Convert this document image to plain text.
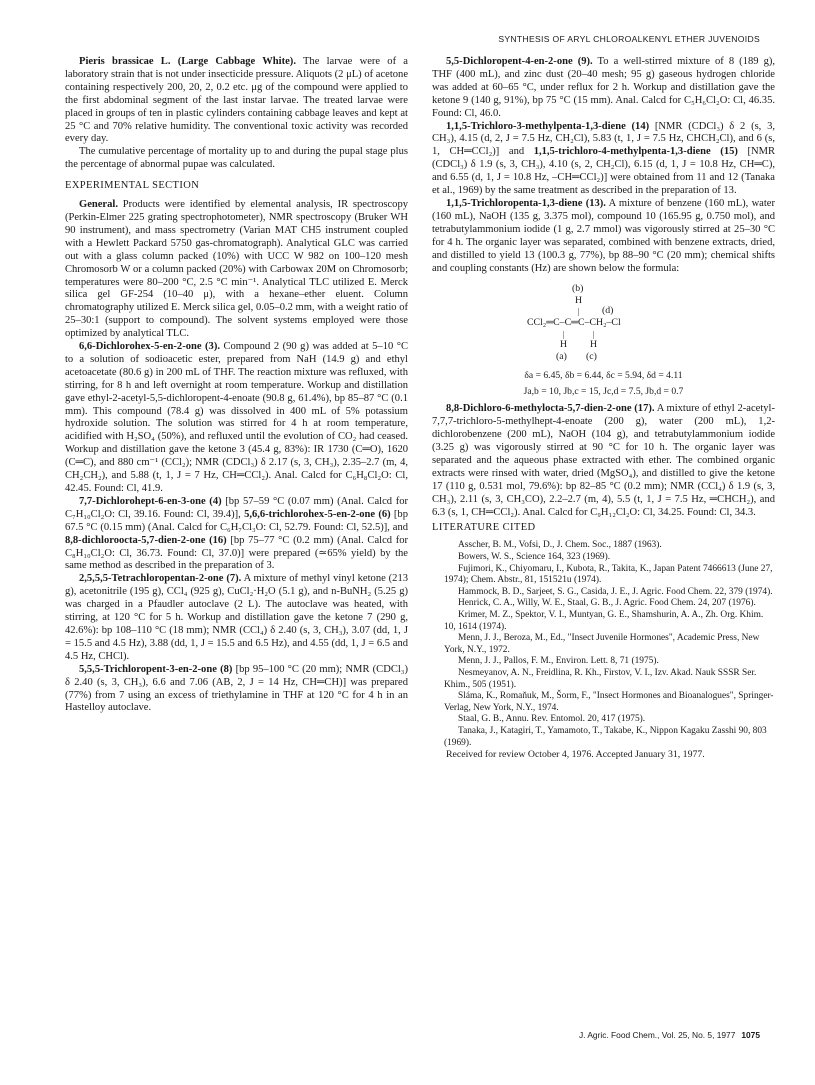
SYNTHESIS OF ARYL CHLOROALKENYL ETHER JUVENOIDS

Pieris brassicae L. (Large Cabbage White). The larvae were of a laboratory strain that is not under insecticide pressure. Aliquots (2 μL) of acetone containing respectively 200, 20, 2, 0.2 etc. μg of the compound were applied to the first abdominal segment of the last instar larvae. The treated larvae were placed in groups of ten in plastic cylinders containing cabbage leaves and kept at 25 °C and 70% relative humidity. The conventional toxic activity was recorded every day.

The cumulative percentage of mortality up to and during the pupal stage plus the percentage of abnormal pupae was calculated.

EXPERIMENTAL SECTION

General. Products were identified by elemental analysis, IR spectroscopy (Perkin-Elmer 225 grating spectrophotometer), NMR spectroscopy (Bruker WH 90 instrument), and mass spectrometry (Varian MAT CH5 instrument coupled with a Hewlett Packard 5750 gas-chromatograph). Analytical GLC was carried out with a glass column packed (10%) with UCC W 982 on 100–120 mesh Chromosorb W or a column packed (20%) with Carbowax 20M on Chromosorb; temperatures were 80–200 °C, 2.5 °C min⁻¹. Analytical TLC utilized E. Merck silica gel GF-254 (10–40 μ), with a hexane–ether eluent. Column chromatography utilized E. Merck silica gel, 0.05–0.2 mm, with a weight ratio of 25–30:1 (support to compound). The solvent systems employed were those optimized by analytical TLC.

6,6-Dichlorohex-5-en-2-one (3). Compound 2 (90 g) was added at 5–10 °C to a solution of sodioacetic ester, prepared from NaH (14.9 g) and ethyl acetoacetate (80.6 g) in 200 mL of THF. The reaction mixture was refluxed, with stirring, for 8 h and left overnight at room temperature. Workup and distillation gave ethyl-2-acetyl-5,5-dichloropent-4-enoate (90.8 g, 61.4%), bp 85–87 °C (0.1 mm). This compound (78.4 g) was dissolved in 400 mL of 5% potassium hydroxide solution. The solution was stirred for 4 h at room temperature, acidified with H₂SO₄ (50%), and refluxed until the evolution of CO₂ had ceased. Workup and distillation gave the ketone 3 (45.4 g, 83%): IR 1730 (C═O), 1620 (C═C), and 880 cm⁻¹ (CCl₂); NMR (CDCl₃) δ 2.17 (s, 3, CH₃), 2.35–2.7 (m, 4, CH₂CH₂), and 5.88 (t, 1, J = 7 Hz, CH═CCl₂). Anal. Calcd for C₆H₈Cl₂O: Cl, 42.45. Found: Cl, 41.9.

7,7-Dichlorohept-6-en-3-one (4) [bp 57–59 °C (0.07 mm) (Anal. Calcd for C₇H₁₀Cl₂O: Cl, 39.16. Found: Cl, 39.4)], 5,6,6-trichlorohex-5-en-2-one (6) [bp 67.5 °C (0.15 mm) (Anal. Calcd for C₆H₇Cl₃O: Cl, 52.79. Found: Cl, 52.5)], and 8,8-dichloroocta-5,7-dien-2-one (16) [bp 75–77 °C (0.2 mm) (Anal. Calcd for C₈H₁₀Cl₂O: Cl, 36.73. Found: Cl, 37.0)] were prepared (≃65% yield) by the same method as described in the preparation of 3.

2,5,5,5-Tetrachloropentan-2-one (7). A mixture of methyl vinyl ketone (213 g), acetonitrile (195 g), CCl₄ (925 g), CuCl₂·H₂O (5.1 g), and n-BuNH₂ (5.25 g) was charged in a Pfaudler autoclave (2 L). The autoclave was heated, with stirring, at 120 °C for 5 h. Workup and distillation gave the ketone 7 (290 g, 42.6%): bp 108–110 °C (18 mm); NMR (CCl₄) δ 2.40 (s, 3, CH₃), 3.07 (dd, 1, J = 15.5 and 4.5 Hz), 3.88 (dd, 1, J = 15.5 and 6.5 Hz), and 4.55 (dd, 1, J = 6.5 and 4.5 Hz, CHCl).

5,5,5-Trichloropent-3-en-2-one (8) [bp 95–100 °C (20 mm); NMR (CDCl₃) δ 2.40 (s, 3, CH₃), 6.6 and 7.06 (AB, 2, J = 14 Hz, CH═CH)] was prepared (77%) from 7 using an excess of triethylamine in THF at 120 °C for 4 h in an Hastelloy autoclave.

5,5-Dichloropent-4-en-2-one (9). To a well-stirred mixture of 8 (189 g), THF (400 mL), and zinc dust (20–40 mesh; 95 g) gaseous hydrogen chloride was added at 60–65 °C, under reflux for 2 h. Workup and distillation gave the ketone 9 (140 g, 91%), bp 75 °C (15 mm). Anal. Calcd for C₅H₆Cl₂O: Cl, 46.35. Found: Cl, 46.0.

1,1,5-Trichloro-3-methylpenta-1,3-diene (14) [NMR (CDCl₃) δ 2 (s, 3, CH₃), 4.15 (d, 2, J = 7.5 Hz, CH₂Cl), 5.83 (t, 1, J = 7.5 Hz, CHCH₂Cl), and 6 (s, 1, CH═CCl₂)] and 1,1,5-trichloro-4-methylpenta-1,3-diene (15) [NMR (CDCl₃) δ 1.9 (s, 3, CH₃), 4.10 (s, 2, CH₂Cl), 6.15 (d, 1, J = 10.8 Hz, CH═C), and 6.55 (d, 1, J = 10.8 Hz, –CH═CCl₂)] were obtained from 11 and 12 (Tanaka et al., 1969) by the same treatment as described in the preparation of 13.

1,1,5-Trichloropenta-1,3-diene (13). A mixture of benzene (160 mL), water (160 mL), NaOH (135 g, 3.375 mol), compound 10 (165.95 g, 0.750 mol), and tetrabutylammonium iodide (1 g, 2.7 mmol) was vigorously stirred at 25–30 °C for 4 h. The organic layer was separated, combined with benzene extracts, dried, and distilled to yield 13 (100.3 g, 77%), bp 88–90 °C (20 mm); chemical shifts and coupling constants (Hz) are shown below the formula:

(b)
H
| (d)
CCl₂═C–C═C–CH₂–Cl
|	|
H H
(a) (c)
δa = 6.45, δb = 6.44, δc = 5.94, δd = 4.11
Ja,b = 10, Jb,c = 15, Jc,d = 7.5, Jb,d = 0.7

8,8-Dichloro-6-methylocta-5,7-dien-2-one (17). A mixture of ethyl 2-acetyl-7,7,7-trichloro-5-methylhept-4-enoate (200 g), water (200 mL), 1,2-dichlorobenzene (200 mL), NaOH (104 g), and tetrabutylammonium iodide (3.25 g) was vigorously stirred at 90 °C for 10 h. The organic layer was separated and the aqueous phase extracted with ether. The combined organic extracts were rinsed with water, dried (MgSO₄), and distilled to give the ketone 17 (110 g, 0.531 mol, 79.6%): bp 82–85 °C (0.2 mm); NMR (CCl₄) δ 1.9 (s, 3, CH₃), 2.11 (s, 3, CH₃CO), 2.2–2.7 (m, 4), 5.5 (t, 1, J = 7.5 Hz, ═CHCH₂), and 6.3 (s, 1, CH═CCl₂). Anal. Calcd for C₉H₁₂Cl₂O: Cl, 34.25. Found: Cl, 34.3.

LITERATURE CITED

Asscher, B. M., Vofsi, D., J. Chem. Soc., 1887 (1963).

Bowers, W. S., Science 164, 323 (1969).

Fujimori, K., Chiyomaru, I., Kubota, R., Takita, K., Japan Patent 7466613 (June 27, 1974); Chem. Abstr., 81, 151521u (1974).

Hammock, B. D., Sarjeet, S. G., Casida, J. E., J. Agric. Food Chem. 22, 379 (1974).

Henrick, C. A., Willy, W. E., Staal, G. B., J. Agric. Food Chem. 24, 207 (1976).

Krimer, M. Z., Spektor, V. I., Muntyan, G. E., Shamshurin, A. A., Zh. Org. Khim. 10, 1614 (1974).

Menn, J. J., Beroza, M., Ed., "Insect Juvenile Hormones", Academic Press, New York, N.Y., 1972.

Menn, J. J., Pallos, F. M., Environ. Lett. 8, 71 (1975).

Nesmeyanov, A. N., Freidlina, R. Kh., Firstov, V. I., Izv. Akad. Nauk SSSR Ser. Khim., 505 (1951).

Sláma, K., Romaňuk, M., Šorm, F., "Insect Hormones and Bioanalogues", Springer-Verlag, New York, N.Y., 1974.

Staal, G. B., Annu. Rev. Entomol. 20, 417 (1975).

Tanaka, J., Katagiri, T., Yamamoto, T., Takabe, K., Nippon Kagaku Zasshi 90, 803 (1969).

Received for review October 4, 1976. Accepted January 31, 1977.

J. Agric. Food Chem., Vol. 25, No. 5, 1977 1075
